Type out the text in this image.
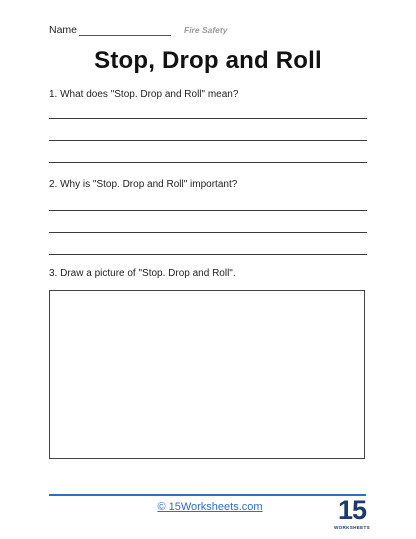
Name	Fire Safety
Stop, Drop and Roll
1. What does "Stop. Drop and Roll" mean?
2. Why is "Stop. Drop and Roll" important?
3. Draw a picture of "Stop. Drop and Roll".
© 15Worksheets.com	15
WORKSHEETS
